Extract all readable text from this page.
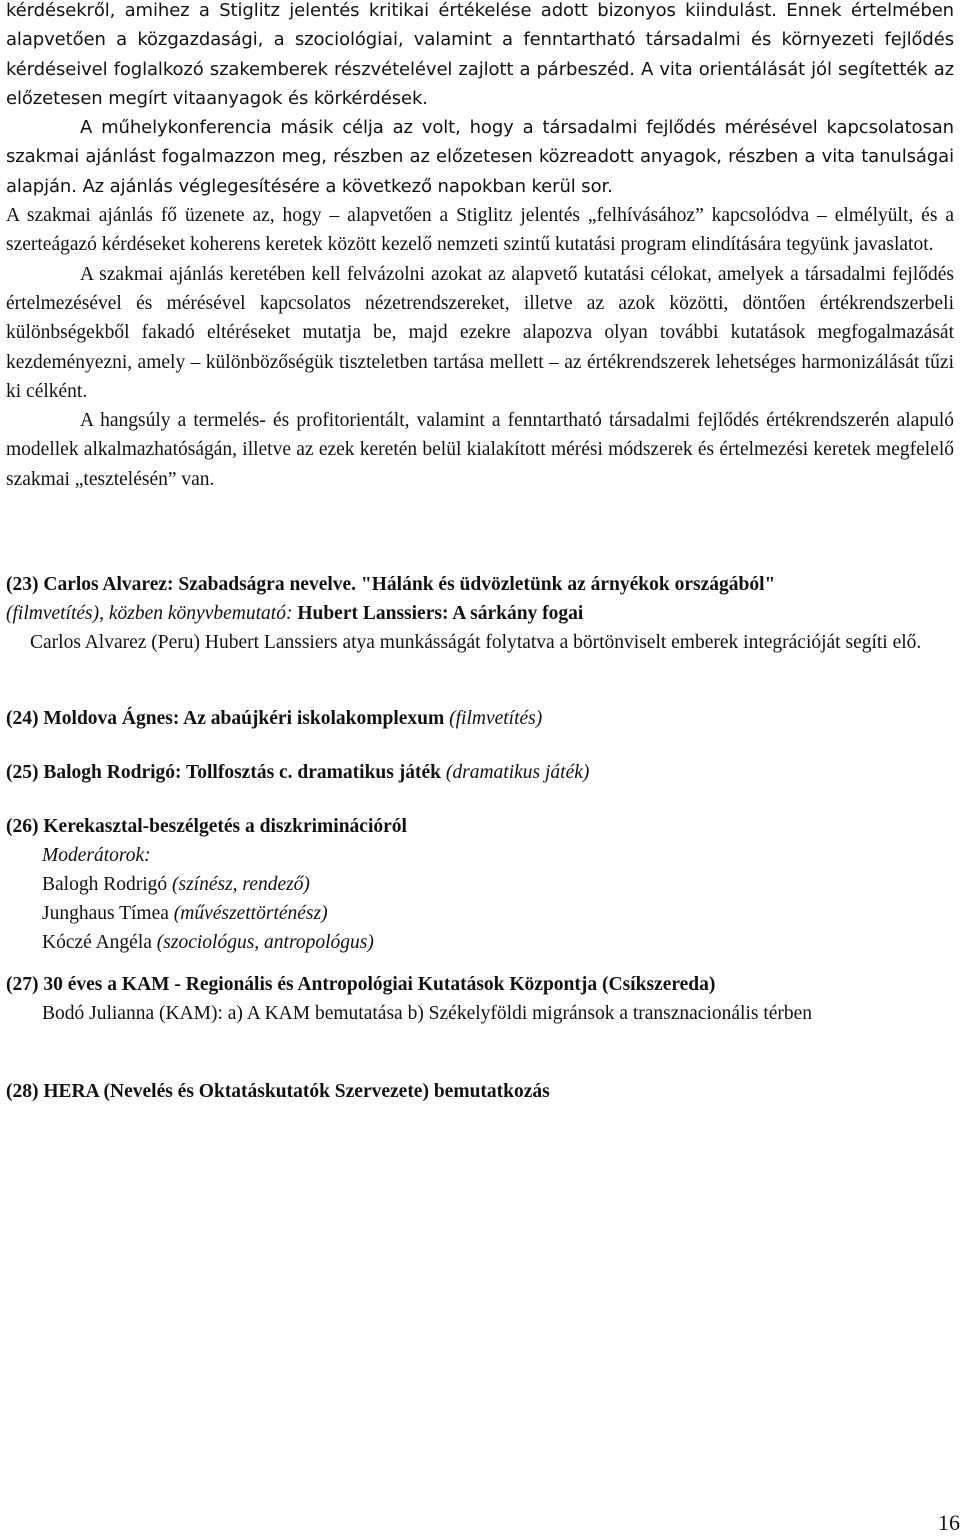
kérdésekről, amihez a Stiglitz jelentés kritikai értékelése adott bizonyos kiindulást. Ennek értelmében alapvetően a közgazdasági, a szociológiai, valamint a fenntartható társadalmi és környezeti fejlődés kérdéseivel foglalkozó szakemberek részvételével zajlott a párbeszéd. A vita orientálását jól segítették az előzetesen megírt vitaanyagok és körkérdések.

A műhelykonferencia másik célja az volt, hogy a társadalmi fejlődés mérésével kapcsolatosan szakmai ajánlást fogalmazzon meg, részben az előzetesen közreadott anyagok, részben a vita tanulságai alapján. Az ajánlás véglegesítésére a következő napokban kerül sor.

A szakmai ajánlás fő üzenete az, hogy – alapvetően a Stiglitz jelentés „felhívásához” kapcsolódva – elmélyült, és a szerteágazó kérdéseket koherens keretek között kezelő nemzeti szintű kutatási program elindítására tegyünk javaslatot.

A szakmai ajánlás keretében kell felvázolni azokat az alapvető kutatási célokat, amelyek a társadalmi fejlődés értelmezésével és mérésével kapcsolatos nézetrendszereket, illetve az azok közötti, döntően értékrendszerbeli különbségekből fakadó eltéréseket mutatja be, majd ezekre alapozva olyan további kutatások megfogalmazását kezdeményezni, amely – különbözőségük tiszteletben tartása mellett – az értékrendszerek lehetséges harmonizálását tűzi ki célként.

A hangsúly a termelés- és profitorientált, valamint a fenntartható társadalmi fejlődés értékrendszerén alapuló modellek alkalmazhatóságán, illetve az ezek keretén belül kialakított mérési módszerek és értelmezési keretek megfelelő szakmai „tesztelésén” van.

(23) Carlos Alvarez: Szabadságra nevelve. "Hálánk és üdvözletünk az árnyékok országából"

(filmvetítés), közben könyvbemutató: Hubert Lanssiers: A sárkány fogai

Carlos Alvarez (Peru) Hubert Lanssiers atya munkásságát folytatva a börtönviselt emberek integrációját segíti elő.

(24) Moldova Ágnes: Az abaújkéri iskolakomplexum (filmvetítés)

(25) Balogh Rodrigó: Tollfosztás c. dramatikus játék (dramatikus játék)

(26) Kerekasztal-beszélgetés a diszkriminációról

Moderátorok:

Balogh Rodrigó (színész, rendező)

Junghaus Tímea (művészettörténész)

Kóczé Angéla (szociológus, antropológus)

(27) 30 éves a KAM - Regionális és Antropológiai Kutatások Központja (Csíkszereda)

Bodó Julianna (KAM): a) A KAM bemutatása b) Székelyföldi migránsok a transznacionális térben

(28) HERA (Nevelés és Oktatáskutatók Szervezete) bemutatkozás

16
